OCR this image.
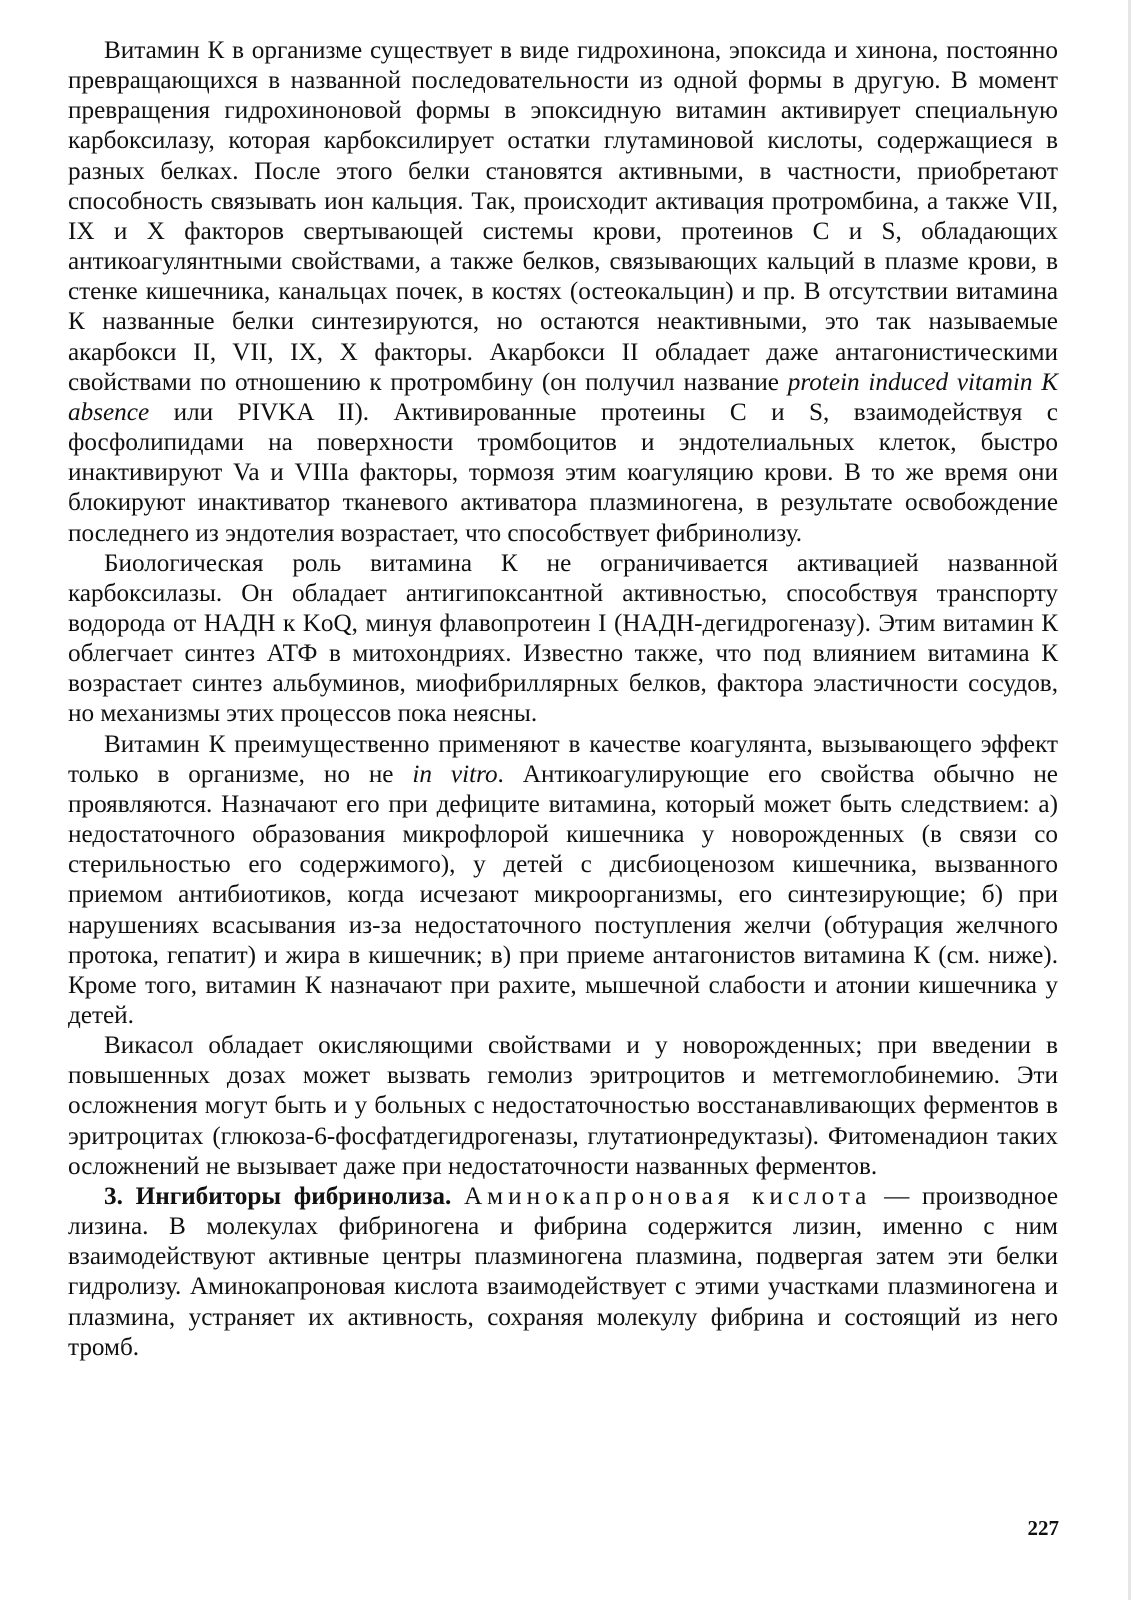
Витамин К в организме существует в виде гидрохинона, эпоксида и хинона, постоянно превращающихся в названной последовательности из одной формы в другую. В момент превращения гидрохиноновой формы в эпоксидную витамин активирует специальную карбоксилазу, которая карбоксилирует остатки глутаминовой кислоты, содержащиеся в разных белках. После этого белки становятся активными, в частности, приобретают способность связывать ион кальция. Так, происходит активация протромбина, а также VII, IX и X факторов свертывающей системы крови, протеинов С и S, обладающих антикоагулянтными свойствами, а также белков, связывающих кальций в плазме крови, в стенке кишечника, канальцах почек, в костях (остеокальцин) и пр. В отсутствии витамина К названные белки синтезируются, но остаются неактивными, это так называемые акарбокси II, VII, IX, X факторы. Акарбокси II обладает даже антагонистическими свойствами по отношению к протромбину (он получил название protein induced vitamin K absence или PIVKA II). Активированные протеины С и S, взаимодействуя с фосфолипидами на поверхности тромбоцитов и эндотелиальных клеток, быстро инактивируют Va и VIIIa факторы, тормозя этим коагуляцию крови. В то же время они блокируют инактиватор тканевого активатора плазминогена, в результате освобождение последнего из эндотелия возрастает, что способствует фибринолизу.

Биологическая роль витамина К не ограничивается активацией названной карбоксилазы. Он обладает антигипоксантной активностью, способствуя транспорту водорода от НАДН к KoQ, минуя флавопротеин I (НАДН-дегидрогеназу). Этим витамин К облегчает синтез АТФ в митохондриях. Известно также, что под влиянием витамина К возрастает синтез альбуминов, миофибриллярных белков, фактора эластичности сосудов, но механизмы этих процессов пока неясны.

Витамин К преимущественно применяют в качестве коагулянта, вызывающего эффект только в организме, но не in vitro. Антикоагулирующие его свойства обычно не проявляются. Назначают его при дефиците витамина, который может быть следствием: а) недостаточного образования микрофлорой кишечника у новорожденных (в связи со стерильностью его содержимого), у детей с дисбиоценозом кишечника, вызванного приемом антибиотиков, когда исчезают микроорганизмы, его синтезирующие; б) при нарушениях всасывания из-за недостаточного поступления желчи (обтурация желчного протока, гепатит) и жира в кишечник; в) при приеме антагонистов витамина К (см. ниже). Кроме того, витамин К назначают при рахите, мышечной слабости и атонии кишечника у детей.

Викасол обладает окисляющими свойствами и у новорожденных; при введении в повышенных дозах может вызвать гемолиз эритроцитов и метгемоглобинемию. Эти осложнения могут быть и у больных с недостаточностью восстанавливающих ферментов в эритроцитах (глюкоза-6-фосфатдегидрогеназы, глутатионредуктазы). Фитоменадион таких осложнений не вызывает даже при недостаточности названных ферментов.

3. Ингибиторы фибринолиза. Аминокапроновая кислота — производное лизина. В молекулах фибриногена и фибрина содержится лизин, именно с ним взаимодействуют активные центры плазминогена плазмина, подвергая затем эти белки гидролизу. Аминокапроновая кислота взаимодействует с этими участками плазминогена и плазмина, устраняет их активность, сохраняя молекулу фибрина и состоящий из него тромб.

227
